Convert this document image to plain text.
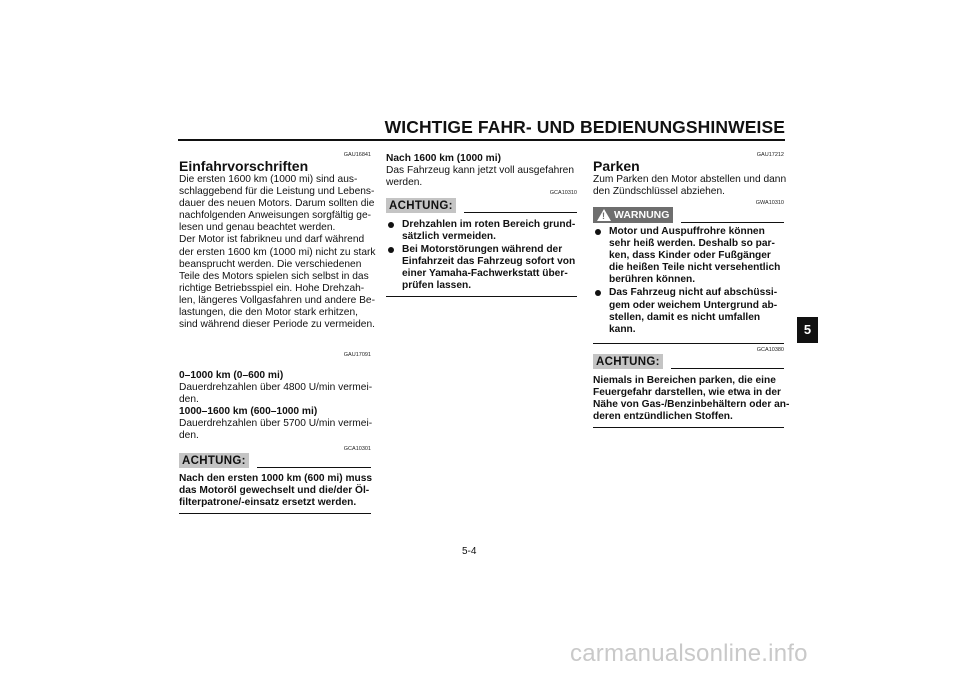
WICHTIGE FAHR- UND BEDIENUNGSHINWEISE
GAU16841
Einfahrvorschriften
Die ersten 1600 km (1000 mi) sind aus-
schlaggebend für die Leistung und Lebens-
dauer des neuen Motors. Darum sollten die
nachfolgenden Anweisungen sorgfältig ge-
lesen und genau beachtet werden.
Der Motor ist fabrikneu und darf während
der ersten 1600 km (1000 mi) nicht zu stark
beansprucht werden. Die verschiedenen
Teile des Motors spielen sich selbst in das
richtige Betriebsspiel ein. Hohe Drehzah-
len, längeres Vollgasfahren und andere Be-
lastungen, die den Motor stark erhitzen,
sind während dieser Periode zu vermeiden.
GAU17091
0–1000 km (0–600 mi)
Dauerdrehzahlen über 4800 U/min vermei-
den.
1000–1600 km (600–1000 mi)
Dauerdrehzahlen über 5700 U/min vermei-
den.
GCA10301
ACHTUNG:
Nach den ersten 1000 km (600 mi) muss
das Motoröl gewechselt und die/der Öl-
filterpatrone/-einsatz ersetzt werden.
Nach 1600 km (1000 mi)
Das Fahrzeug kann jetzt voll ausgefahren
werden.
GCA10310
ACHTUNG:
Drehzahlen im roten Bereich grund-
sätzlich vermeiden.
Bei Motorstörungen während der
Einfahrzeit das Fahrzeug sofort von
einer Yamaha-Fachwerkstatt über-
prüfen lassen.
GAU17212
Parken
Zum Parken den Motor abstellen und dann
den Zündschlüssel abziehen.
GWA10310
! WARNUNG
Motor und Auspuffrohre können
sehr heiß werden. Deshalb so par-
ken, dass Kinder oder Fußgänger
die heißen Teile nicht versehentlich
berühren können.
Das Fahrzeug nicht auf abschüssi-
gem oder weichem Untergrund ab-
stellen, damit es nicht umfallen
kann.
GCA10380
ACHTUNG:
Niemals in Bereichen parken, die eine
Feuergefahr darstellen, wie etwa in der
Nähe von Gas-/Benzinbehältern oder an-
deren entzündlichen Stoffen.
5
5-4
carmanualsonline.info
